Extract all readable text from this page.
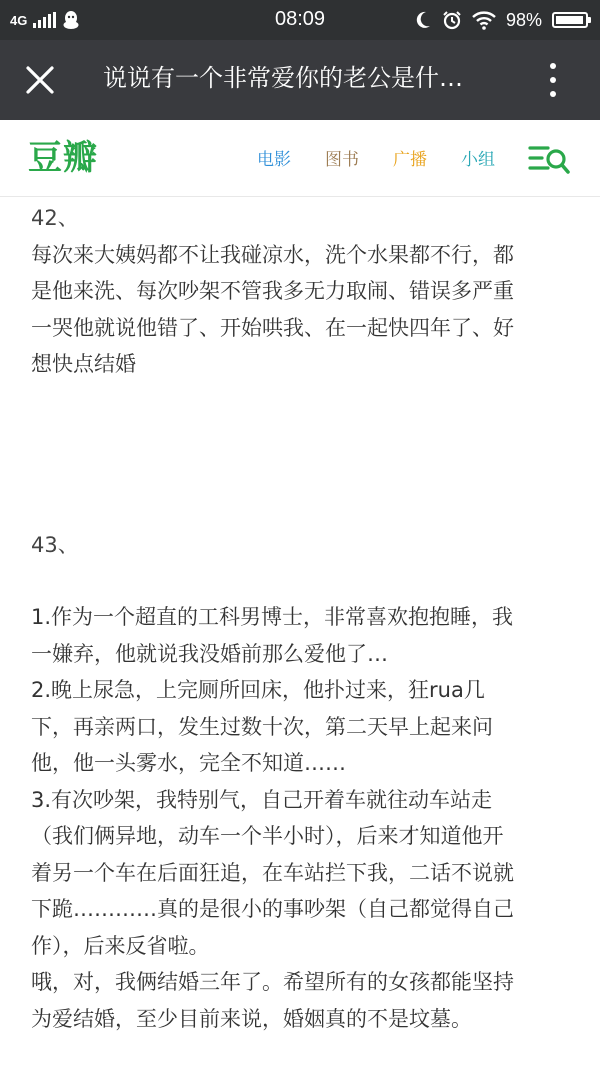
4G	08:09	98%
说说有一个非常爱你的老公是什…
豆瓣	电影 图书 广播 小组

42、

每次来大姨妈都不让我碰凉水，洗个水果都不行，都

是他来洗、每次吵架不管我多无力取闹、错误多严重

一哭他就说他错了、开始哄我、在一起快四年了、好

想快点结婚

43、

1.作为一个超直的工科男博士，非常喜欢抱抱睡，我

一嫌弃，他就说我没婚前那么爱他了…

2.晚上尿急，上完厕所回床，他扑过来，狂rua几

下，再亲两口，发生过数十次，第二天早上起来问

他，他一头雾水，完全不知道……

3.有次吵架，我特别气，自己开着车就往动车站走

（我们俩异地，动车一个半小时），后来才知道他开

着另一个车在后面狂追，在车站拦下我，二话不说就

下跪…………真的是很小的事吵架（自己都觉得自己

作），后来反省啦。

哦，对，我俩结婚三年了。希望所有的女孩都能坚持

为爱结婚，至少目前来说，婚姻真的不是坟墓。
